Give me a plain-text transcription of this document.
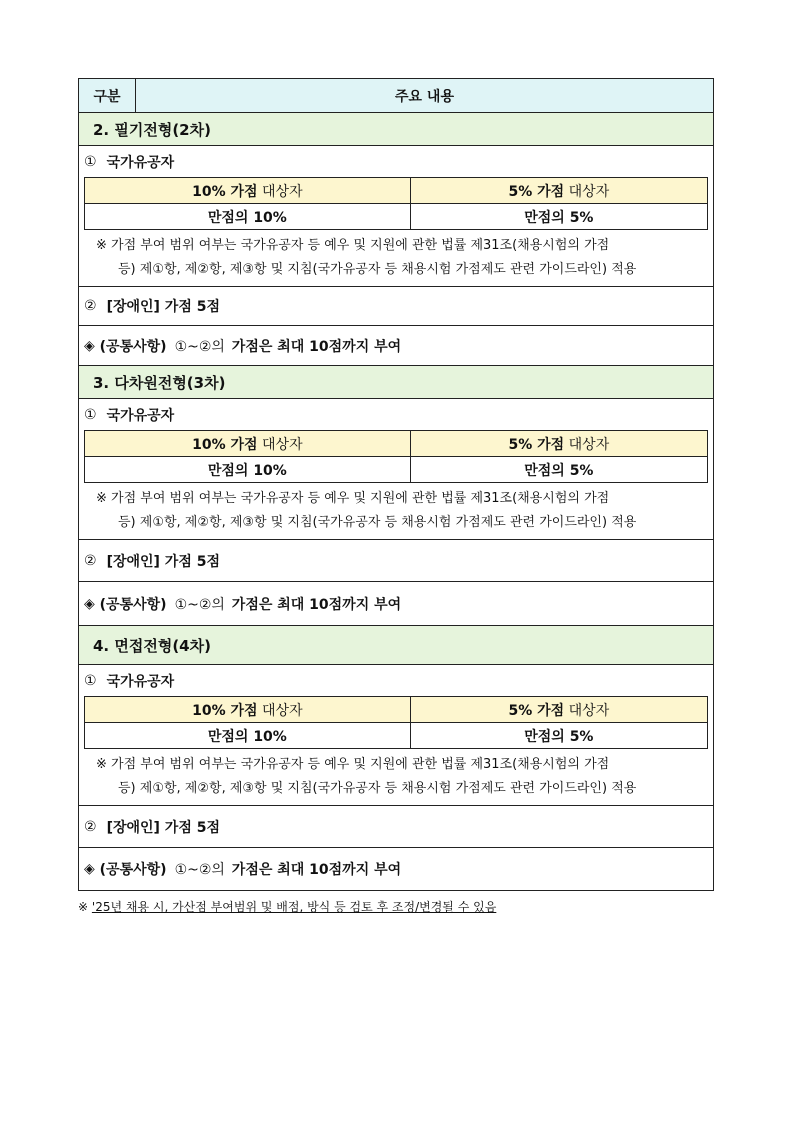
구분	주요 내용
2. 필기전형(2차)
① 국가유공자
10% 가점 대상자	5% 가점 대상자
만점의 10%	만점의 5%
※ 가점 부여 범위 여부는 국가유공자 등 예우 및 지원에 관한 법률 제31조(채용시험의 가점
등) 제①항, 제②항, 제③항 및 지침(국가유공자 등 채용시험 가점제도 관련 가이드라인) 적용
② [장애인] 가점 5점
◈
(공통사항) ①~②의
가점은 최대 10점까지 부여
3. 다차원전형(3차)
① 국가유공자
10% 가점 대상자	5% 가점 대상자
만점의 10%	만점의 5%
※ 가점 부여 범위 여부는 국가유공자 등 예우 및 지원에 관한 법률 제31조(채용시험의 가점
등) 제①항, 제②항, 제③항 및 지침(국가유공자 등 채용시험 가점제도 관련 가이드라인) 적용
② [장애인] 가점 5점
◈
(공통사항) ①~②의
가점은 최대 10점까지 부여
4. 면접전형(4차)
① 국가유공자
10% 가점 대상자	5% 가점 대상자
만점의 10%	만점의 5%
※ 가점 부여 범위 여부는 국가유공자 등 예우 및 지원에 관한 법률 제31조(채용시험의 가점
등) 제①항, 제②항, 제③항 및 지침(국가유공자 등 채용시험 가점제도 관련 가이드라인) 적용
② [장애인] 가점 5점
◈
(공통사항) ①~②의
가점은 최대 10점까지 부여
※ '25년 채용 시, 가산점 부여범위 및 배점, 방식 등 검토 후 조정/변경될 수 있음
